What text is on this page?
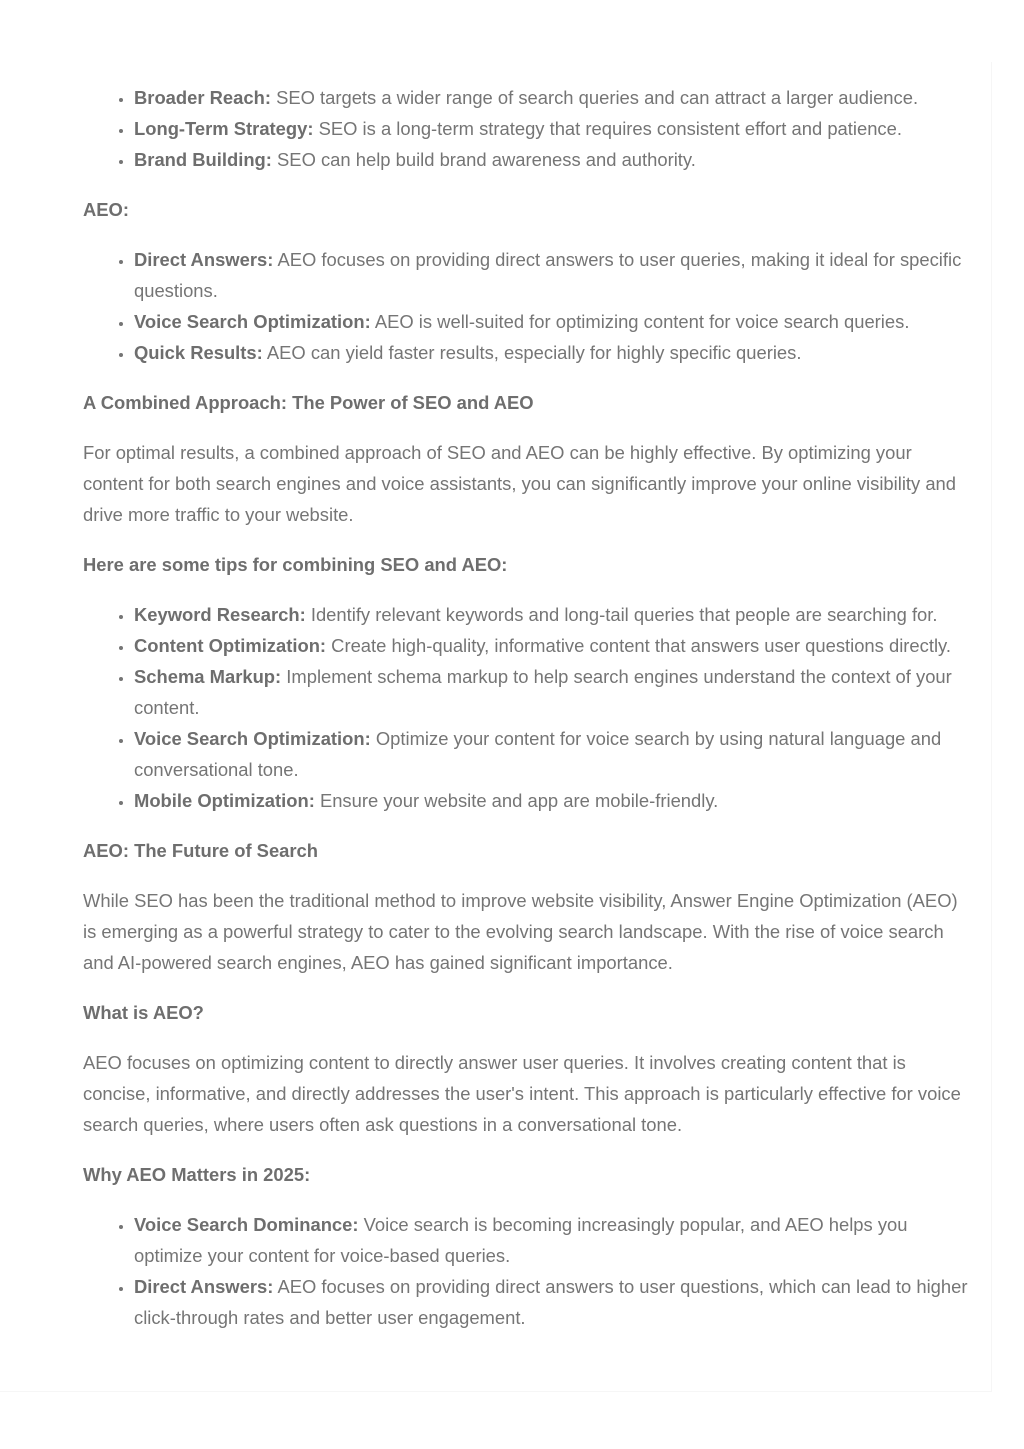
• Broader Reach: SEO targets a wider range of search queries and can attract a larger audience.
• Long-Term Strategy: SEO is a long-term strategy that requires consistent effort and patience.
• Brand Building: SEO can help build brand awareness and authority.

AEO:

• Direct Answers: AEO focuses on providing direct answers to user queries, making it ideal for specific questions.
• Voice Search Optimization: AEO is well-suited for optimizing content for voice search queries.
• Quick Results: AEO can yield faster results, especially for highly specific queries.

A Combined Approach: The Power of SEO and AEO

For optimal results, a combined approach of SEO and AEO can be highly effective. By optimizing your content for both search engines and voice assistants, you can significantly improve your online visibility and drive more traffic to your website.

Here are some tips for combining SEO and AEO:

• Keyword Research: Identify relevant keywords and long-tail queries that people are searching for.
• Content Optimization: Create high-quality, informative content that answers user questions directly.
• Schema Markup: Implement schema markup to help search engines understand the context of your content.
• Voice Search Optimization: Optimize your content for voice search by using natural language and conversational tone.
• Mobile Optimization: Ensure your website and app are mobile-friendly.

AEO: The Future of Search

While SEO has been the traditional method to improve website visibility, Answer Engine Optimization (AEO) is emerging as a powerful strategy to cater to the evolving search landscape. With the rise of voice search and AI-powered search engines, AEO has gained significant importance.

What is AEO?

AEO focuses on optimizing content to directly answer user queries. It involves creating content that is concise, informative, and directly addresses the user's intent. This approach is particularly effective for voice search queries, where users often ask questions in a conversational tone.

Why AEO Matters in 2025:

• Voice Search Dominance: Voice search is becoming increasingly popular, and AEO helps you optimize your content for voice-based queries.
• Direct Answers: AEO focuses on providing direct answers to user questions, which can lead to higher click-through rates and better user engagement.
